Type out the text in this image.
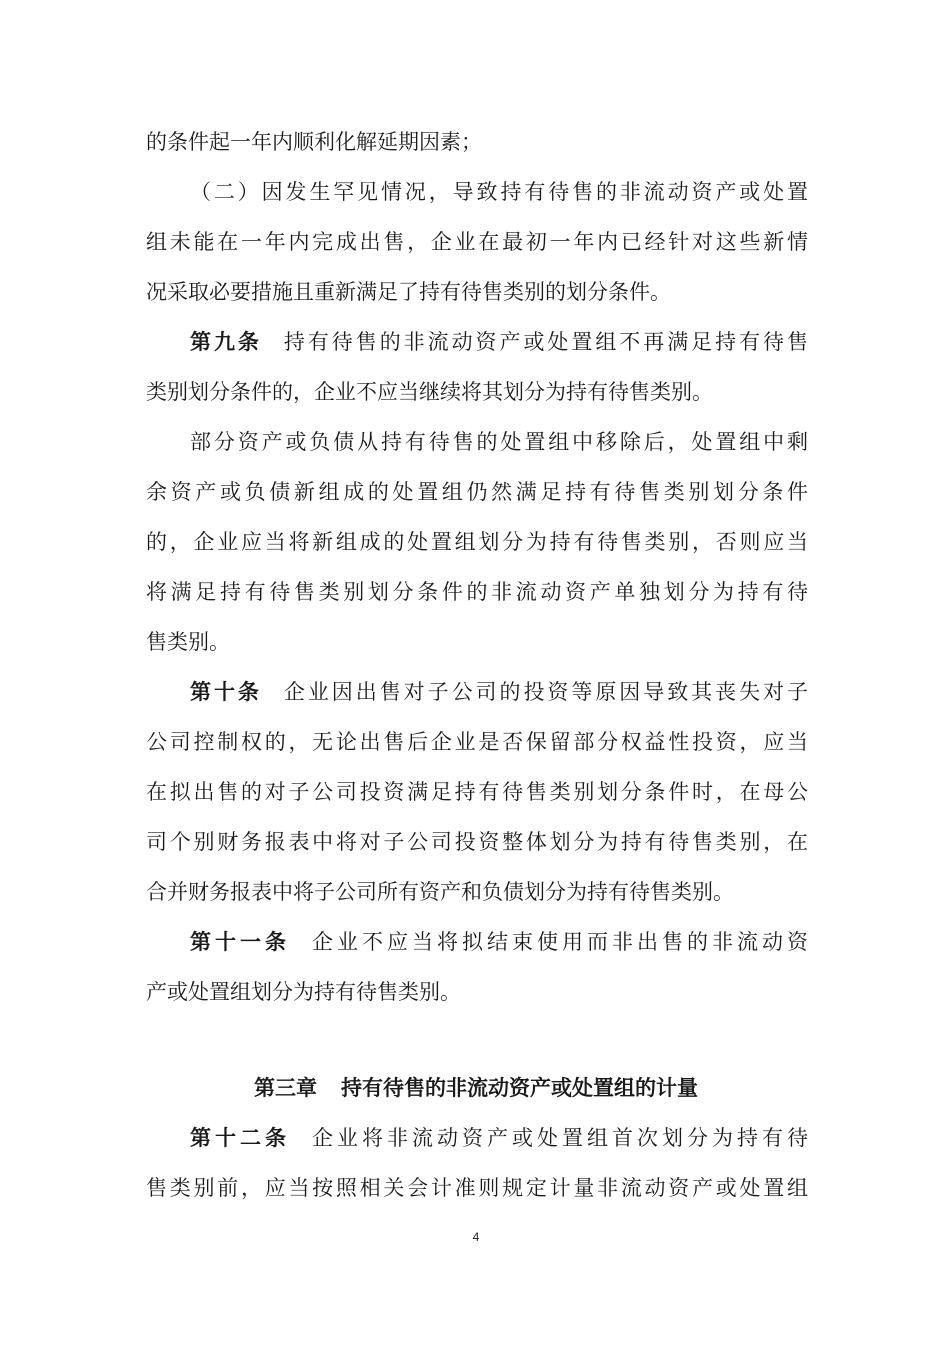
的条件起一年内顺利化解延期因素；
（二）因发生罕见情况，导致持有待售的非流动资产或处置
组未能在一年内完成出售，企业在最初一年内已经针对这些新情
况采取必要措施且重新满足了持有待售类别的划分条件。
第九条 持有待售的非流动资产或处置组不再满足持有待售
类别划分条件的，企业不应当继续将其划分为持有待售类别。
部分资产或负债从持有待售的处置组中移除后，处置组中剩
余资产或负债新组成的处置组仍然满足持有待售类别划分条件
的，企业应当将新组成的处置组划分为持有待售类别，否则应当
将满足持有待售类别划分条件的非流动资产单独划分为持有待
售类别。
第十条 企业因出售对子公司的投资等原因导致其丧失对子
公司控制权的，无论出售后企业是否保留部分权益性投资，应当
在拟出售的对子公司投资满足持有待售类别划分条件时，在母公
司个别财务报表中将对子公司投资整体划分为持有待售类别，在
合并财务报表中将子公司所有资产和负债划分为持有待售类别。
第十一条 企业不应当将拟结束使用而非出售的非流动资
产或处置组划分为持有待售类别。
第三章 持有待售的非流动资产或处置组的计量
第十二条 企业将非流动资产或处置组首次划分为持有待
售类别前，应当按照相关会计准则规定计量非流动资产或处置组
4
